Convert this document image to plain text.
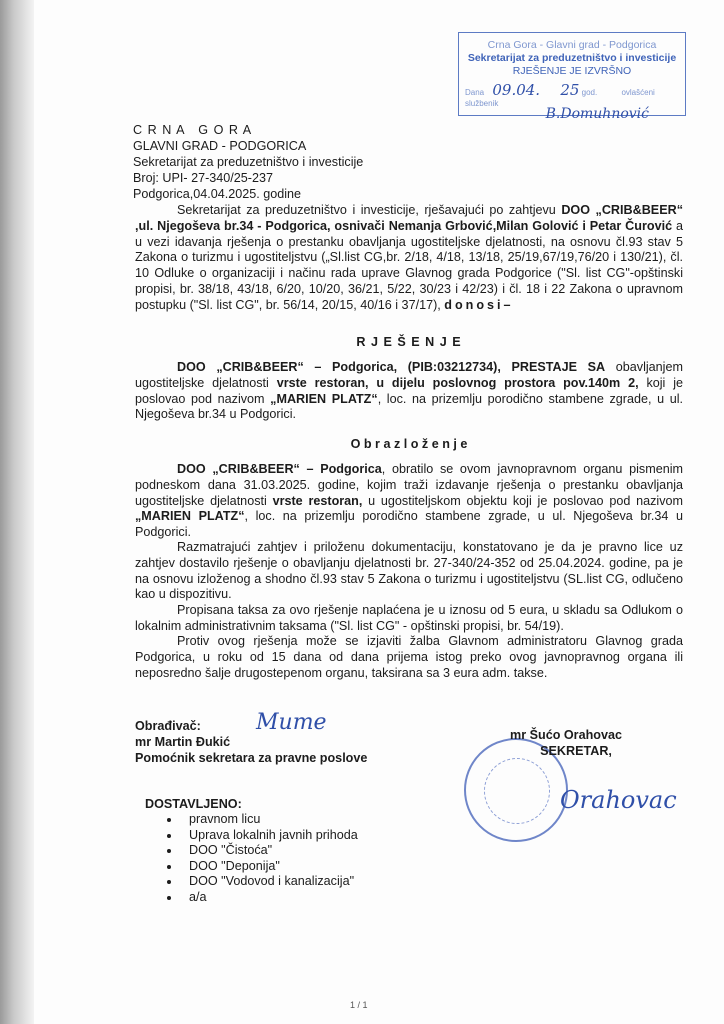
Crna Gora - Glavni grad - Podgorica
Sekretarijat za preduzetništvo i investicije
RJEŠENJE JE IZVRŠNO
Dana 09.04. 25 god.	ovlašćeni službenik
B.Domuhnović
C R N A   G O R A
GLAVNI GRAD - PODGORICA
Sekretarijat za preduzetništvo i investicije
Broj: UPI- 27-340/25-237
Podgorica,04.04.2025. godine
Sekretarijat za preduzetništvo i investicije, rješavajući po zahtjevu DOO „CRIB&BEER“ ,ul. Njegoševa br.34 - Podgorica, osnivači Nemanja Grbović,Milan Golović i Petar Čurović a u vezi idavanja rješenja o prestanku obavljanja ugostiteljske djelatnosti, na osnovu čl.93 stav 5 Zakona o turizmu i ugostiteljstvu („Sl.list CG,br. 2/18, 4/18, 13/18, 25/19,67/19,76/20 i 130/21), čl. 10 Odluke o organizaciji i načinu rada uprave Glavnog grada Podgorice ("Sl. list CG"-opštinski propisi, br. 38/18, 43/18, 6/20, 10/20, 36/21, 5/22, 30/23 i 42/23) i čl. 18 i 22 Zakona o upravnom postupku ("Sl. list CG", br. 56/14, 20/15, 40/16 i 37/17), donosi–
R J E Š E N J E
DOO „CRIB&BEER“ – Podgorica, (PIB:03212734), PRESTAJE SA obavljanjem ugostiteljske djelatnosti vrste restoran, u dijelu poslovnog prostora pov.140m 2, koji je poslovao pod nazivom „MARIEN PLATZ“, loc. na prizemlju porodično stambene zgrade, u ul. Njegoševa br.34 u Podgorici.
O b r a z l o ž e n j e
DOO „CRIB&BEER“ – Podgorica, obratilo se ovom javnopravnom organu pismenim podneskom dana 31.03.2025. godine, kojim traži izdavanje rješenja o prestanku obavljanja ugostiteljske djelatnosti vrste restoran, u ugostiteljskom objektu koji je poslovao pod nazivom „MARIEN PLATZ“, loc. na prizemlju porodično stambene zgrade, u ul. Njegoševa br.34 u Podgorici.
Razmatrajući zahtjev i priloženu dokumentaciju, konstatovano je da je pravno lice uz zahtjev dostavilo rješenje o obavljanju djelatnosti br. 27-340/24-352 od 25.04.2024. godine, pa je na osnovu izloženog a shodno čl.93 stav 5 Zakona o turizmu i ugostiteljstvu (SL.list CG, odlučeno kao u dispozitivu.
Propisana taksa za ovo rješenje naplaćena je u iznosu od 5 eura, u skladu sa Odlukom o lokalnim administrativnim taksama ("Sl. list CG" - opštinski propisi, br. 54/19).
Protiv ovog rješenja može se izjaviti žalba Glavnom administratoru Glavnog grada Podgorica, u roku od 15 dana od dana prijema istog preko ovog javnopravnog organa ili neposredno šalje drugostepenom organu, taksirana sa 3 eura adm. takse.
Obrađivač:
mr Martin Đukić
Pomoćnik sekretara za pravne poslove
Mume	mr Šućo Orahovac
SEKRETAR,
Orahovac
DOSTAVLJENO:
• pravnom licu
• Uprava lokalnih javnih prihoda
• DOO "Čistoća"
• DOO "Deponija"
• DOO "Vodovod i kanalizacija"
• a/a
1 / 1
